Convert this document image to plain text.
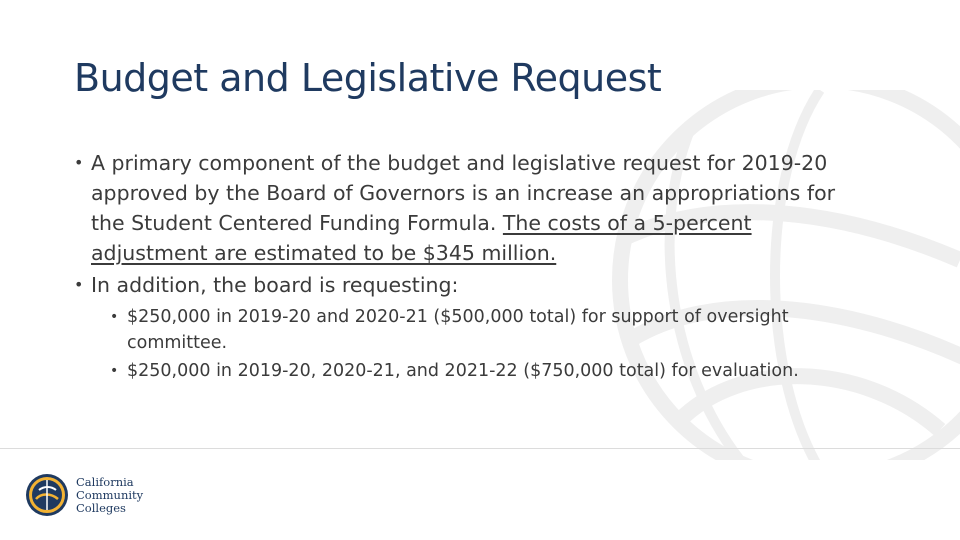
Budget and Legislative Request

• A primary component of the budget and legislative request for 2019-20 approved by the Board of Governors is an increase an appropriations for the Student Centered Funding Formula. The costs of a 5-percent adjustment are estimated to be $345 million.

• In addition, the board is requesting:

• $250,000 in 2019-20 and 2020-21 ($500,000 total) for support of oversight committee.

• $250,000 in 2019-20, 2020-21, and 2021-22 ($750,000 total) for evaluation.

California
Community
Colleges
